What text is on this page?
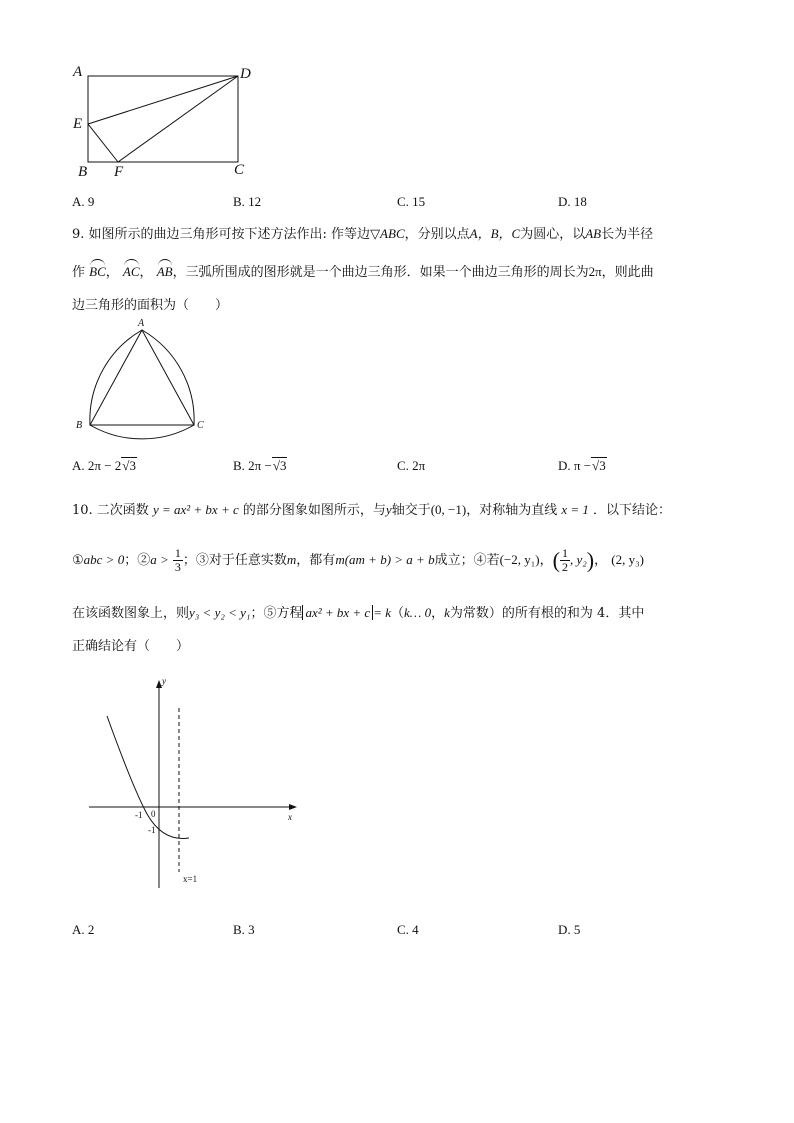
A	D
E
B F	C
A. 9	B. 12	C. 15	D. 18
9. 如图所示的曲边三角形可按下述方法作出: 作等边▽ABC，分别以点A，B，C为圆心，以AB长为半径
作 BC， AC， AB，三弧所围成的图形就是一个曲边三角形．如果一个曲边三角形的周长为2π，则此曲
边三角形的面积为（　　）
A
B	C
A. 2π − 2√3	B. 2π −√3	C. 2π	D. π −√3
10. 二次函数 y = ax² + bx + c 的部分图象如图所示，与y轴交于(0, −1)，对称轴为直线 x = 1 ．以下结论：
①abc > 0；②a > $\frac{1}{3}$ ；③对于任意实数m，都有m(am + b) > a + b成立；④若(−2, y₁)，( $\frac{1}{2}$ , y₂)， (2, y₃)
在该函数图象上，则y₃ < y₂ < y₁；⑤方程 ax² + bx + c = k（k… 0，k为常数）的所有根的和为 4．其中
正确结论有（　　）
y
x
-1 0
-1
x=1
A. 2	B. 3	C. 4	D. 5
